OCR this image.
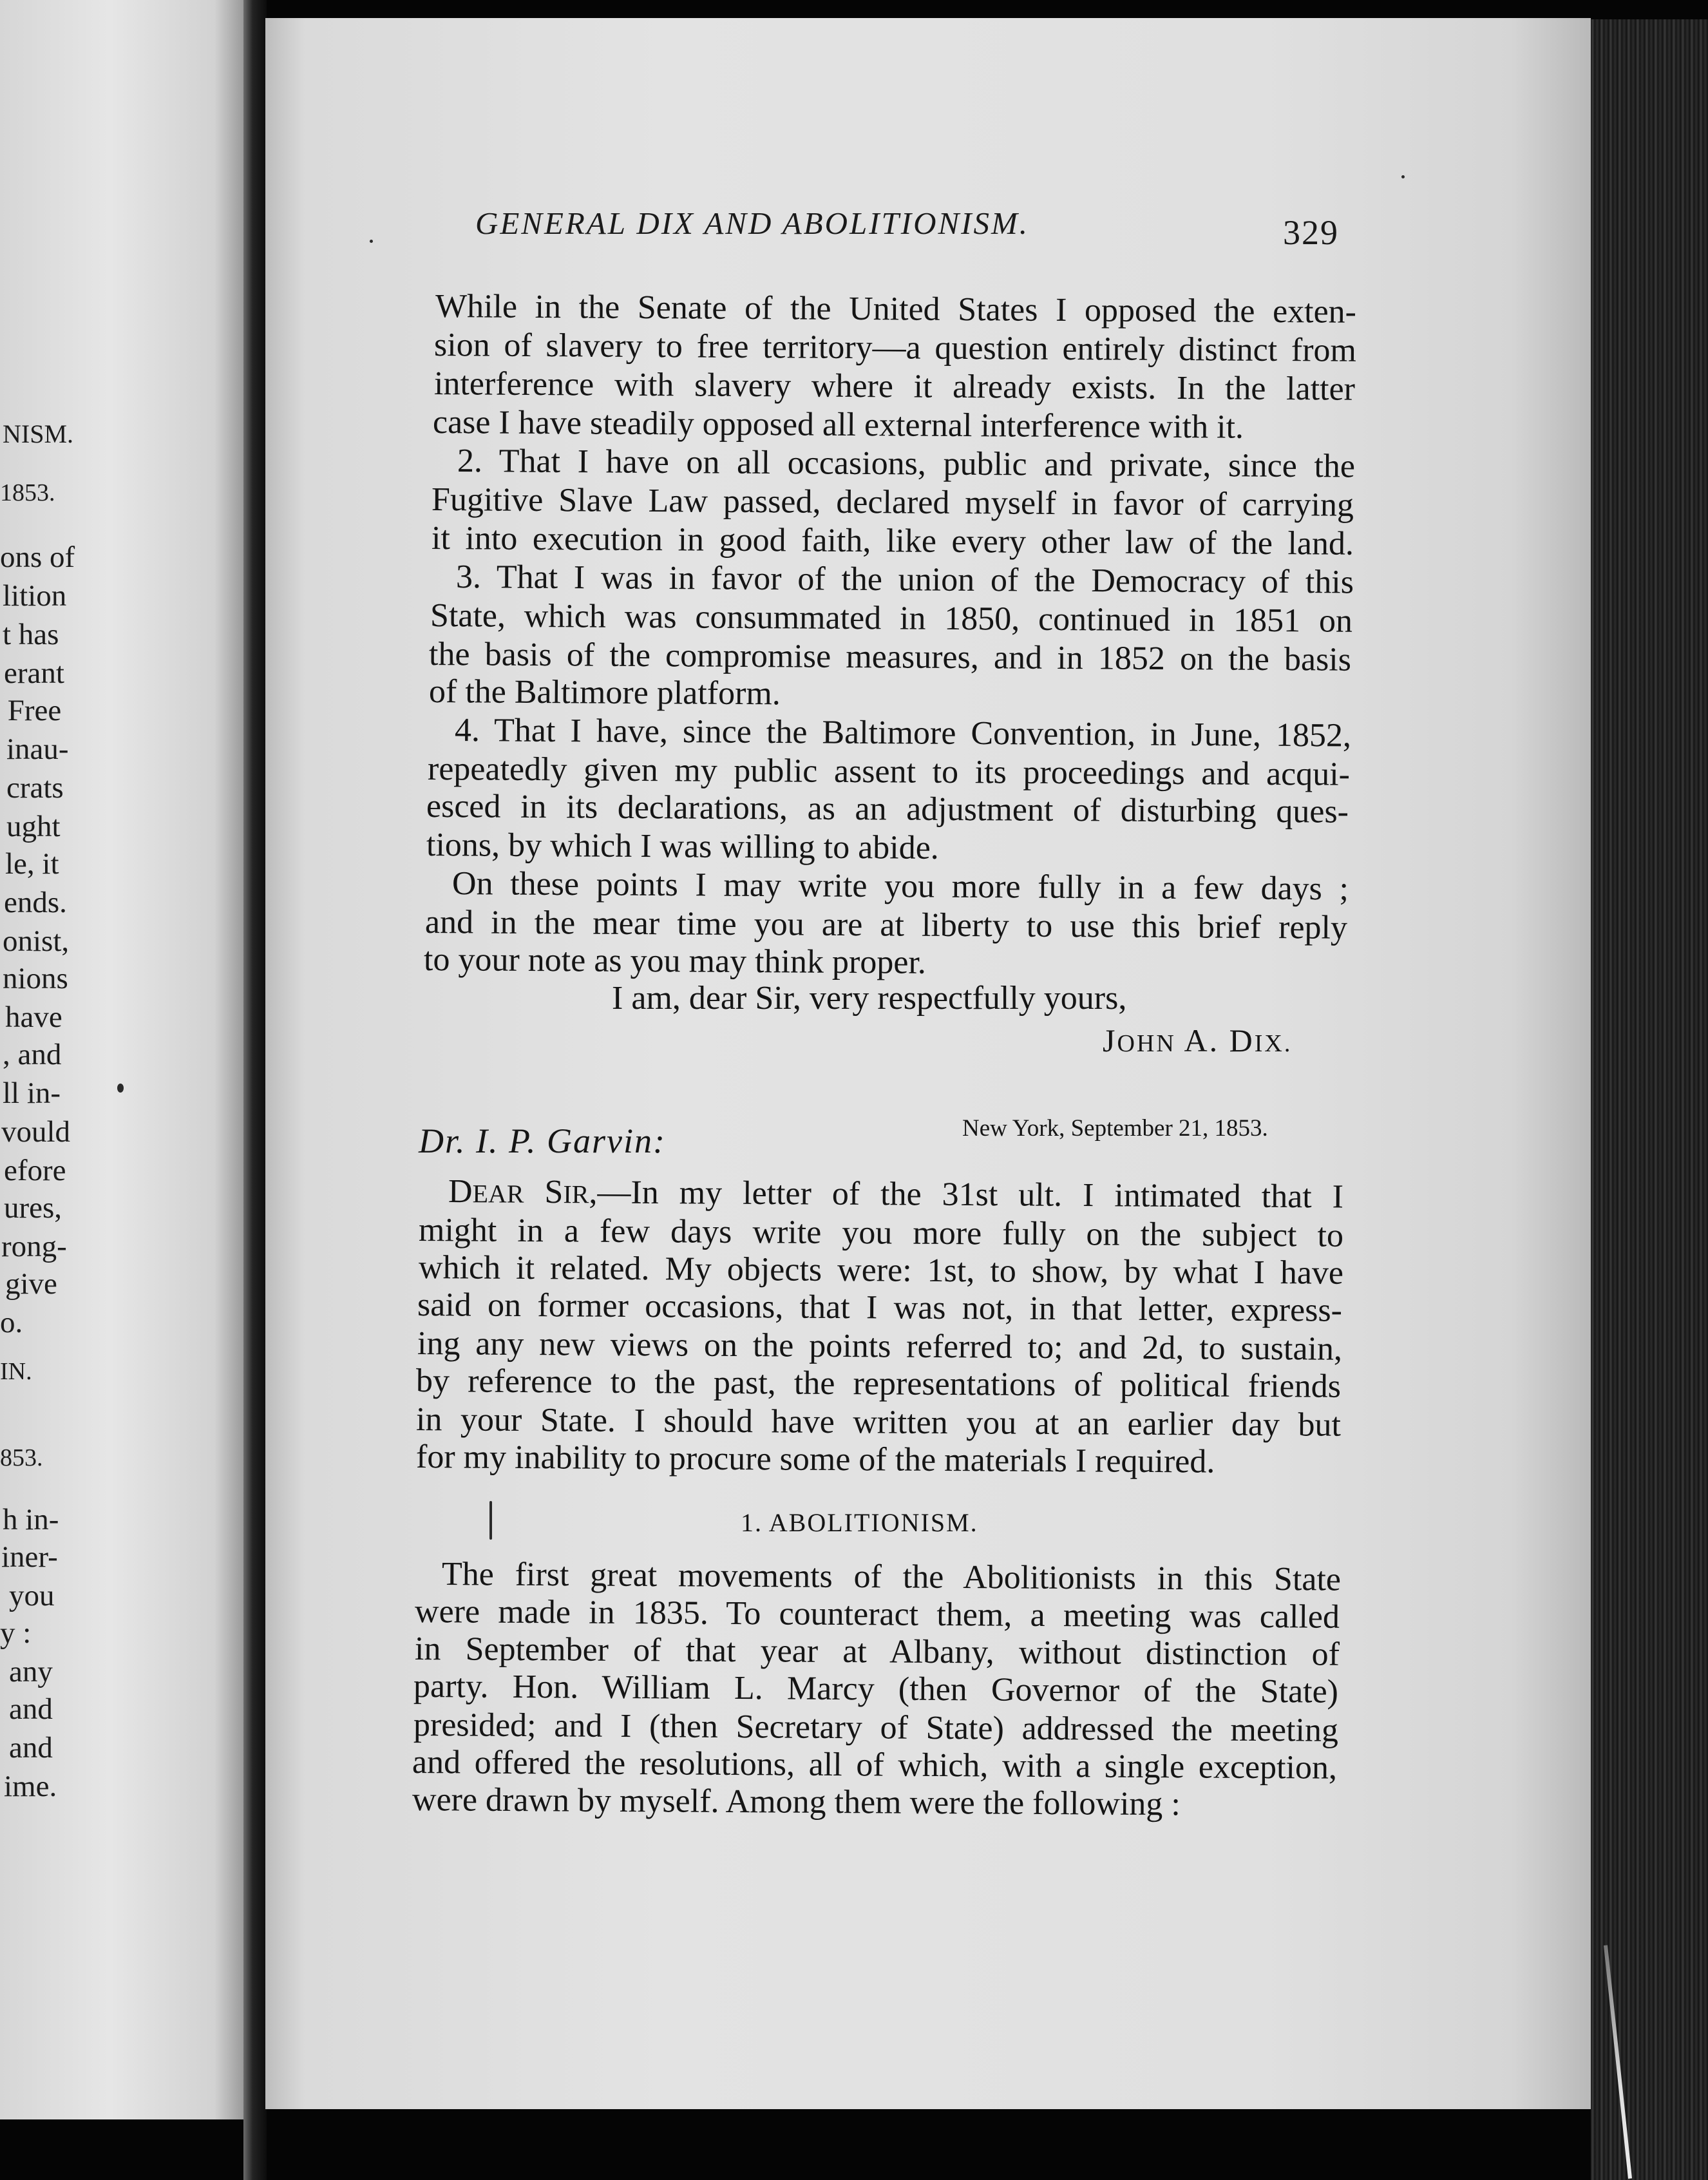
NISM.
1853.
ons of
lition
t has
erant
Free
inau-
crats
ught
le, it
ends.
onist,
nions
have
, and
ll in-
vould
efore
ures,
rong-
give
o.
IN.
853.
h in-
iner-
you
y :
any
and
and
ime.
GENERAL DIX AND ABOLITIONISM.	329
While in the Senate of the United States I opposed the exten-
sion of slavery to free territory—a question entirely distinct from
interference with slavery where it already exists. In the latter
case I have steadily opposed all external interference with it.
2. That I have on all occasions, public and private, since the
Fugitive Slave Law passed, declared myself in favor of carrying
it into execution in good faith, like every other law of the land.
3. That I was in favor of the union of the Democracy of this
State, which was consummated in 1850, continued in 1851 on
the basis of the compromise measures, and in 1852 on the basis
of the Baltimore platform.
4. That I have, since the Baltimore Convention, in June, 1852,
repeatedly given my public assent to its proceedings and acqui-
esced in its declarations, as an adjustment of disturbing ques-
tions, by which I was willing to abide.
On these points I may write you more fully in a few days ;
and in the mear time you are at liberty to use this brief reply
to your note as you may think proper.
I am, dear Sir, very respectfully yours,
JOHN A. DIX.
New York, September 21, 1853.
Dr. I. P. Garvin:
DEAR SIR,—In my letter of the 31st ult. I intimated that I
might in a few days write you more fully on the subject to
which it related. My objects were: 1st, to show, by what I have
said on former occasions, that I was not, in that letter, express-
ing any new views on the points referred to; and 2d, to sustain,
by reference to the past, the representations of political friends
in your State. I should have written you at an earlier day but
for my inability to procure some of the materials I required.
1. ABOLITIONISM.
The first great movements of the Abolitionists in this State
were made in 1835. To counteract them, a meeting was called
in September of that year at Albany, without distinction of
party. Hon. William L. Marcy (then Governor of the State)
presided; and I (then Secretary of State) addressed the meeting
and offered the resolutions, all of which, with a single exception,
were drawn by myself. Among them were the following :
